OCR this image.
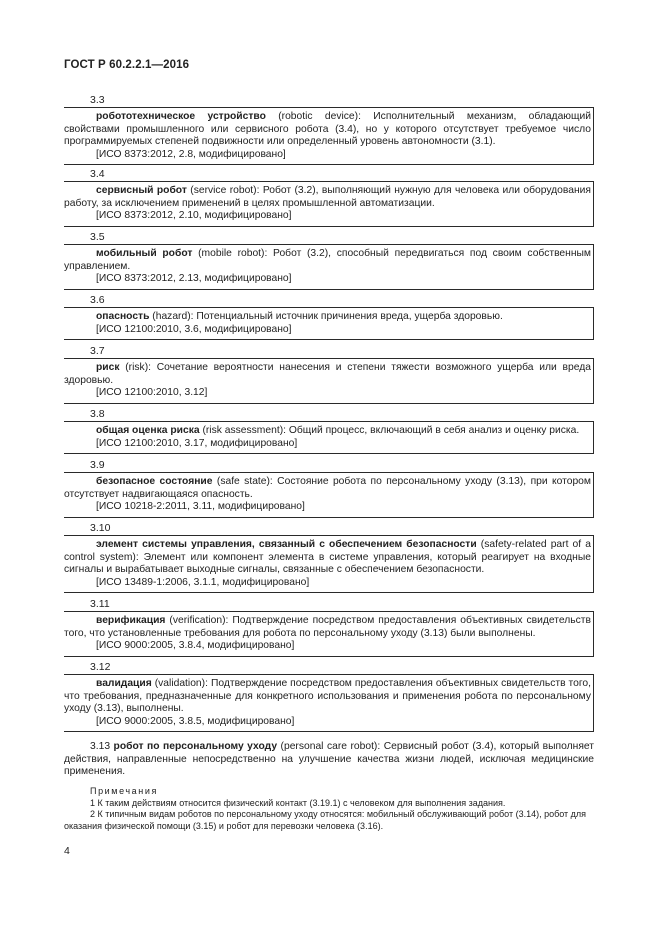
ГОСТ Р 60.2.2.1—2016
3.3
робототехническое устройство (robotic device): Исполнительный механизм, обладающий свойствами промышленного или сервисного робота (3.4), но у которого отсутствует требуемое число программируемых степеней подвижности или определенный уровень автономности (3.1).
[ИСО 8373:2012, 2.8, модифицировано]
3.4
сервисный робот (service robot): Робот (3.2), выполняющий нужную для человека или оборудования работу, за исключением применений в целях промышленной автоматизации.
[ИСО 8373:2012, 2.10, модифицировано]
3.5
мобильный робот (mobile robot): Робот (3.2), способный передвигаться под своим собственным управлением.
[ИСО 8373:2012, 2.13, модифицировано]
3.6
опасность (hazard): Потенциальный источник причинения вреда, ущерба здоровью.
[ИСО 12100:2010, 3.6, модифицировано]
3.7
риск (risk): Сочетание вероятности нанесения и степени тяжести возможного ущерба или вреда здоровью.
[ИСО 12100:2010, 3.12]
3.8
общая оценка риска (risk assessment): Общий процесс, включающий в себя анализ и оценку риска.
[ИСО 12100:2010, 3.17, модифицировано]
3.9
безопасное состояние (safe state): Состояние робота по персональному уходу (3.13), при котором отсутствует надвигающаяся опасность.
[ИСО 10218-2:2011, 3.11, модифицировано]
3.10
элемент системы управления, связанный с обеспечением безопасности (safety-related part of a control system): Элемент или компонент элемента в системе управления, который реагирует на входные сигналы и вырабатывает выходные сигналы, связанные с обеспечением безопасности.
[ИСО 13489-1:2006, 3.1.1, модифицировано]
3.11
верификация (verification): Подтверждение посредством предоставления объективных свидетельств того, что установленные требования для робота по персональному уходу (3.13) были выполнены.
[ИСО 9000:2005, 3.8.4, модифицировано]
3.12
валидация (validation): Подтверждение посредством предоставления объективных свидетельств того, что требования, предназначенные для конкретного использования и применения робота по персональному уходу (3.13), выполнены.
[ИСО 9000:2005, 3.8.5, модифицировано]
3.13 робот по персональному уходу (personal care robot): Сервисный робот (3.4), который выполняет действия, направленные непосредственно на улучшение качества жизни людей, исключая медицинские применения.
Примечания
1 К таким действиям относится физический контакт (3.19.1) с человеком для выполнения задания.
2 К типичным видам роботов по персональному уходу относятся: мобильный обслуживающий робот (3.14), робот для оказания физической помощи (3.15) и робот для перевозки человека (3.16).
4
